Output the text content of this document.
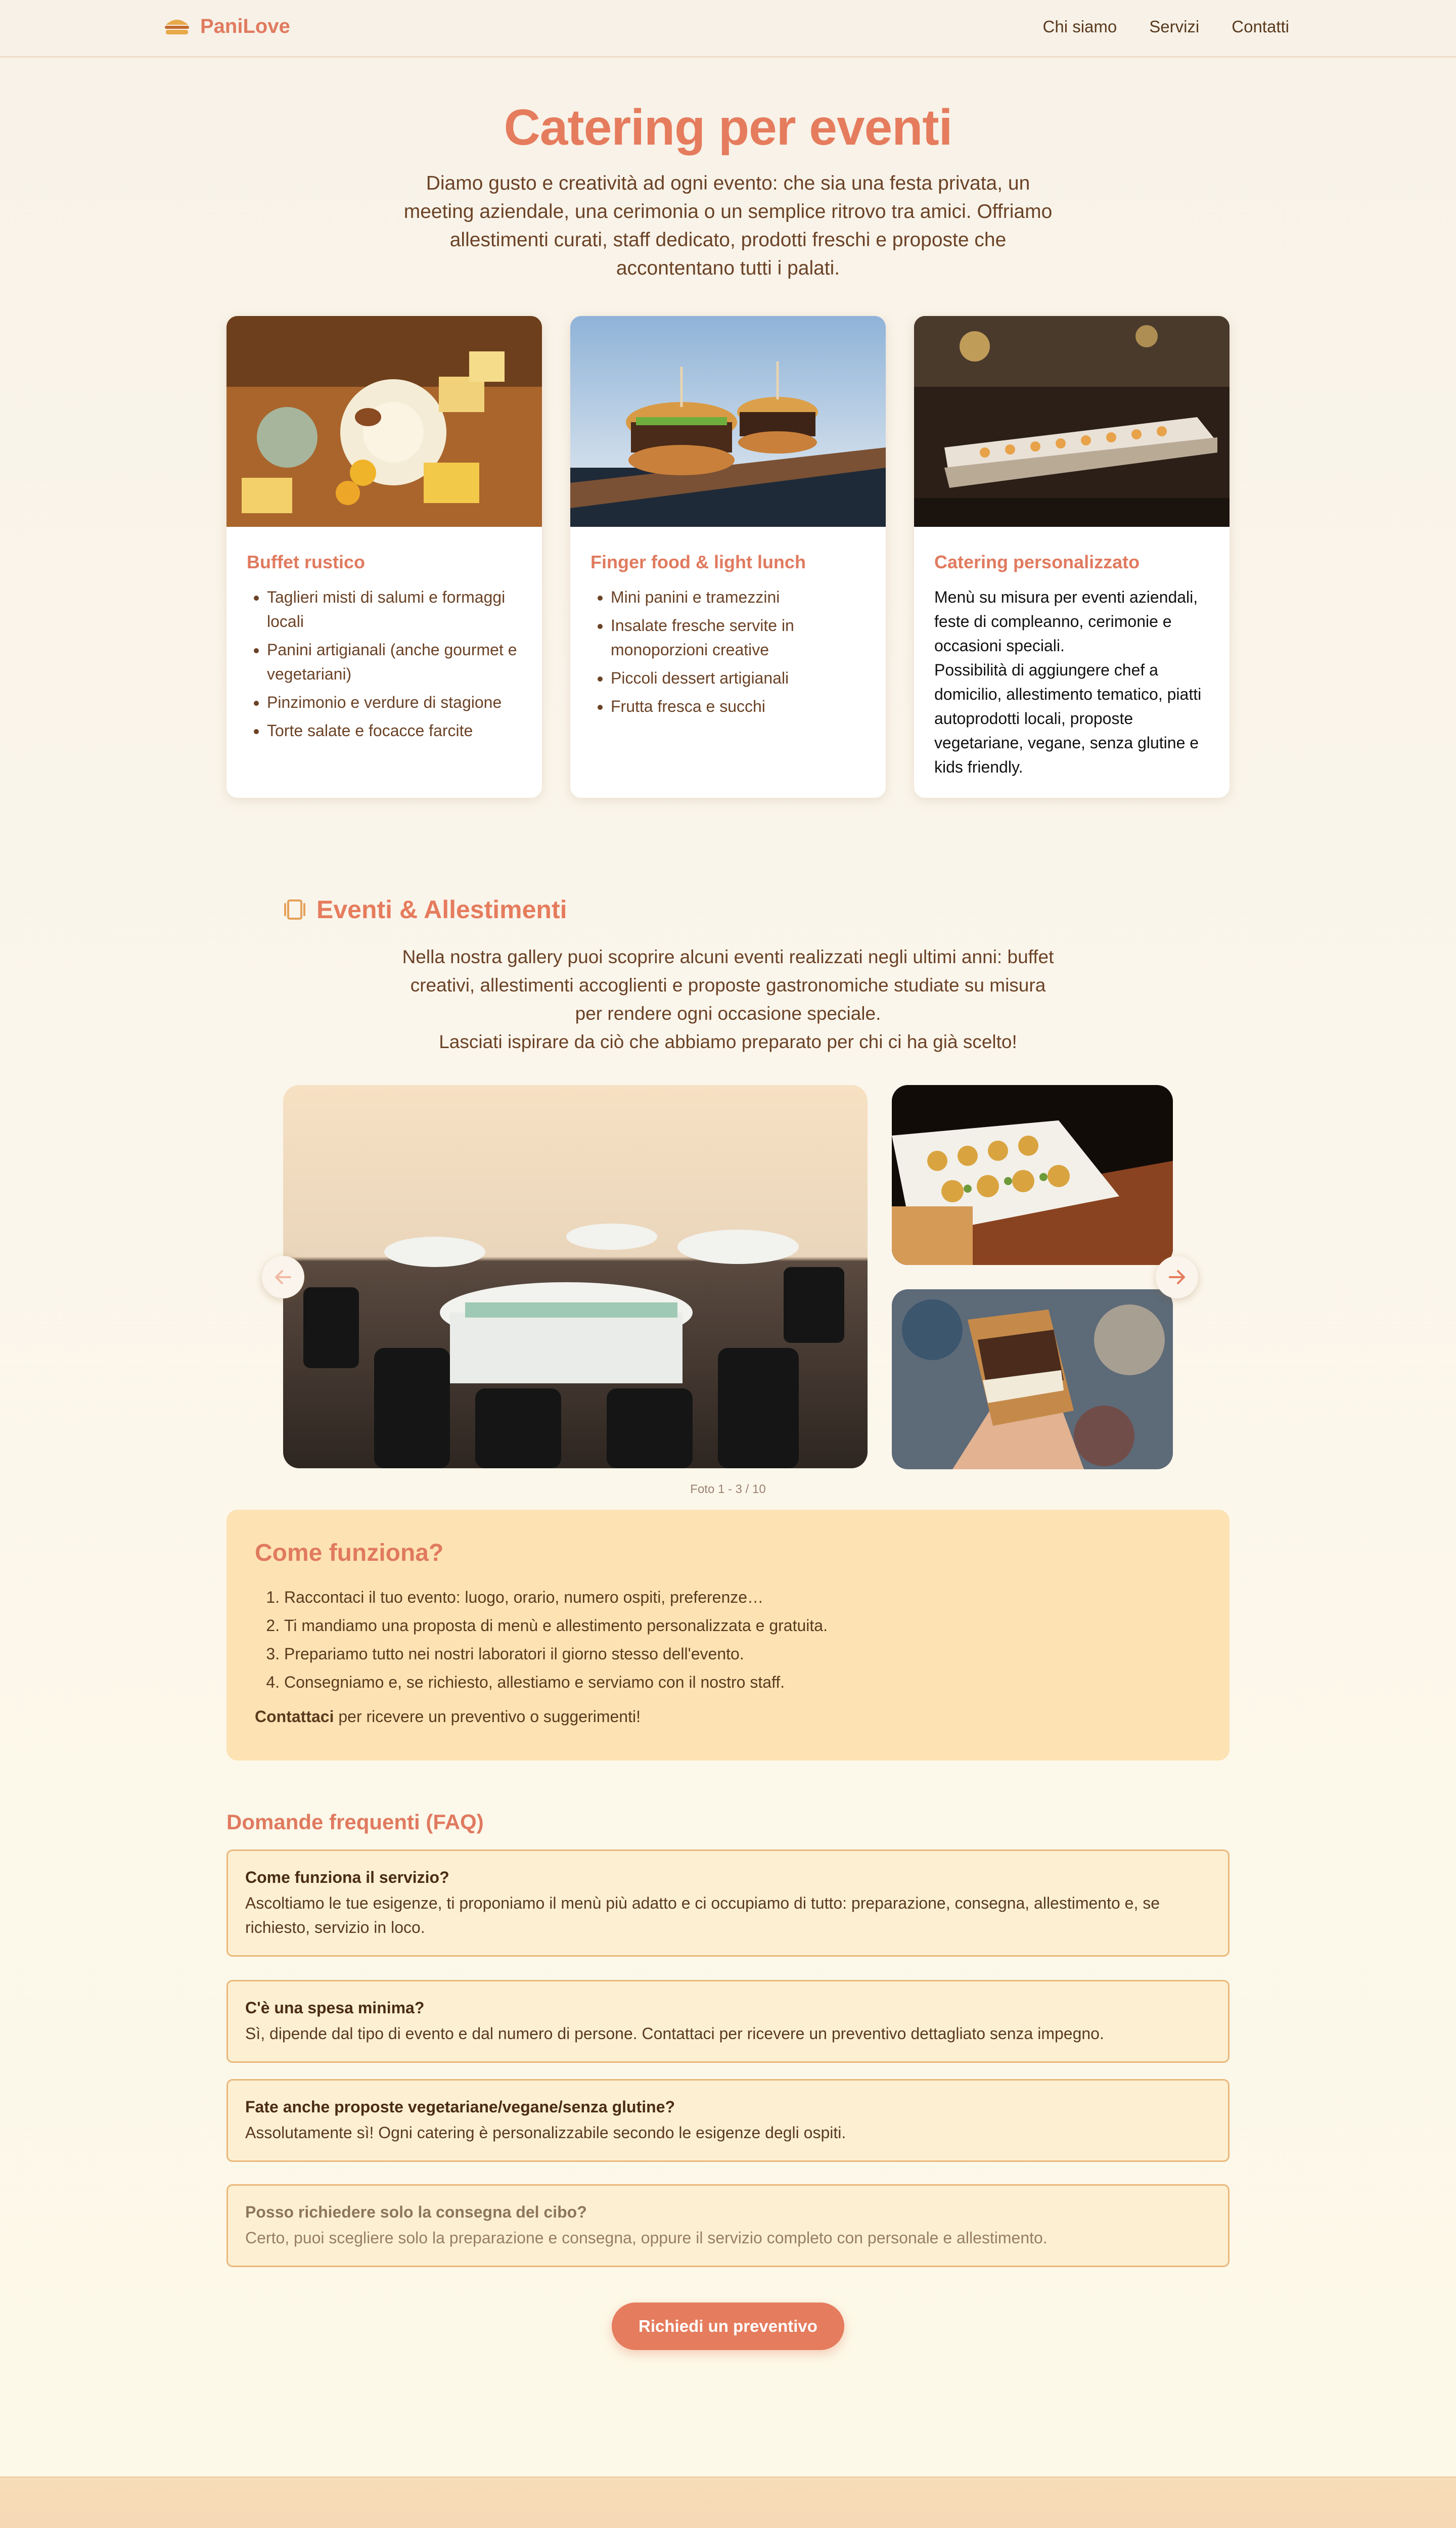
PaniLove	Chi siamo Servizi Contatti
Catering per eventi

Diamo gusto e creatività ad ogni evento: che sia una festa privata, un meeting aziendale, una cerimonia o un semplice ritrovo tra amici. Offriamo allestimenti curati, staff dedicato, prodotti freschi e proposte che accontentano tutti i palati.

Buffet rustico
• Taglieri misti di salumi e formaggi locali
• Panini artigianali (anche gourmet e vegetariani)
• Pinzimonio e verdure di stagione
• Torte salate e focacce farcite
Finger food & light lunch
• Mini panini e tramezzini
• Insalate fresche servite in monoporzioni creative
• Piccoli dessert artigianali
• Frutta fresca e succhi
Catering personalizzato

Menù su misura per eventi aziendali, feste di compleanno, cerimonie e occasioni speciali.

Possibilità di aggiungere chef a domicilio, allestimento tematico, piatti autoprodotti locali, proposte vegetariane, vegane, senza glutine e kids friendly.

Eventi & Allestimenti

Nella nostra gallery puoi scoprire alcuni eventi realizzati negli ultimi anni: buffet creativi, allestimenti accoglienti e proposte gastronomiche studiate su misura per rendere ogni occasione speciale.

Lasciati ispirare da ciò che abbiamo preparato per chi ci ha già scelto!

Foto 1 - 3 / 10
Come funziona?
1. Raccontaci il tuo evento: luogo, orario, numero ospiti, preferenze…
2. Ti mandiamo una proposta di menù e allestimento personalizzata e gratuita.
3. Prepariamo tutto nei nostri laboratori il giorno stesso dell'evento.
4. Consegniamo e, se richiesto, allestiamo e serviamo con il nostro staff.

Contattaci per ricevere un preventivo o suggerimenti!

Domande frequenti (FAQ)
Come funziona il servizio?
Ascoltiamo le tue esigenze, ti proponiamo il menù più adatto e ci occupiamo di tutto: preparazione, consegna, allestimento e, se richiesto, servizio in loco.
C'è una spesa minima?
Sì, dipende dal tipo di evento e dal numero di persone. Contattaci per ricevere un preventivo dettagliato senza impegno.
Fate anche proposte vegetariane/vegane/senza glutine?
Assolutamente sì! Ogni catering è personalizzabile secondo le esigenze degli ospiti.
Posso richiedere solo la consegna del cibo?
Certo, puoi scegliere solo la preparazione e consegna, oppure il servizio completo con personale e allestimento.
Richiedi un preventivo
